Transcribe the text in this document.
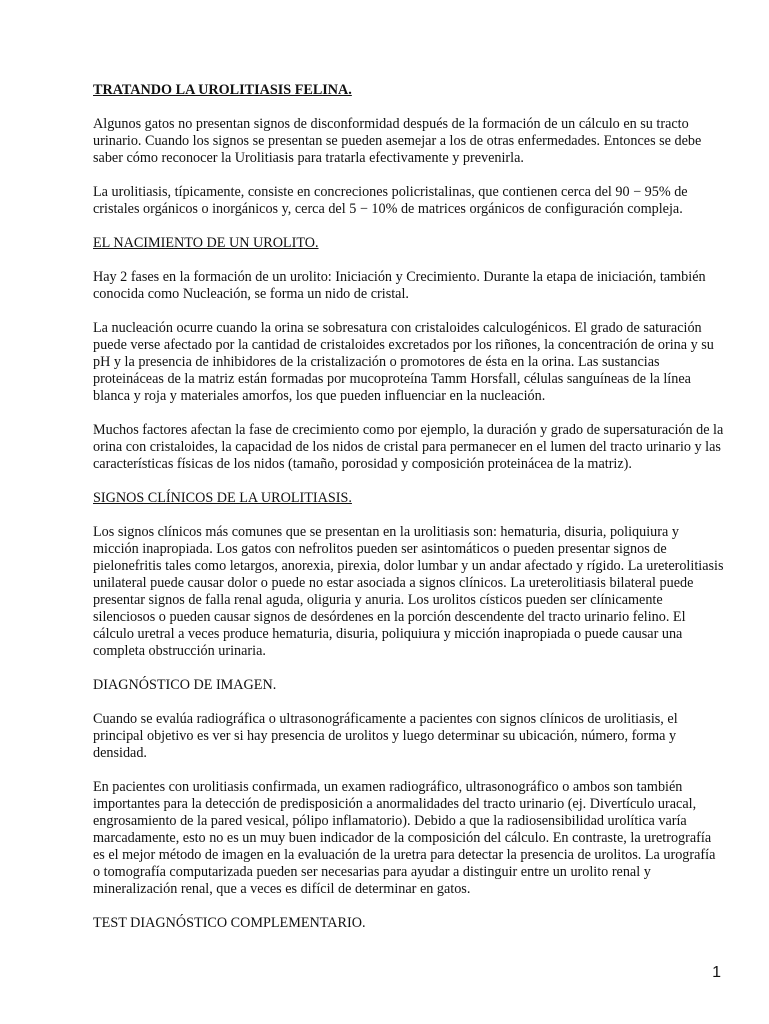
TRATANDO LA UROLITIASIS FELINA.

Algunos gatos no presentan signos de disconformidad después de la formación de un cálculo en su tracto urinario. Cuando los signos se presentan se pueden asemejar a los de otras enfermedades. Entonces se debe saber cómo reconocer la Urolitiasis para tratarla efectivamente y prevenirla.

La urolitiasis, típicamente, consiste en concreciones policristalinas, que contienen cerca del 90 − 95% de cristales orgánicos o inorgánicos y, cerca del 5 − 10% de matrices orgánicos de configuración compleja.

EL NACIMIENTO DE UN UROLITO.

Hay 2 fases en la formación de un urolito: Iniciación y Crecimiento. Durante la etapa de iniciación, también conocida como Nucleación, se forma un nido de cristal.

La nucleación ocurre cuando la orina se sobresatura con cristaloides calculogénicos. El grado de saturación puede verse afectado por la cantidad de cristaloides excretados por los riñones, la concentración de orina y su pH y la presencia de inhibidores de la cristalización o promotores de ésta en la orina. Las sustancias proteináceas de la matriz están formadas por mucoproteína Tamm Horsfall, células sanguíneas de la línea blanca y roja y materiales amorfos, los que pueden influenciar en la nucleación.

Muchos factores afectan la fase de crecimiento como por ejemplo, la duración y grado de supersaturación de la orina con cristaloides, la capacidad de los nidos de cristal para permanecer en el lumen del tracto urinario y las características físicas de los nidos (tamaño, porosidad y composición proteinácea de la matriz).

SIGNOS CLÍNICOS DE LA UROLITIASIS.

Los signos clínicos más comunes que se presentan en la urolitiasis son: hematuria, disuria, poliquiura y micción inapropiada. Los gatos con nefrolitos pueden ser asintomáticos o pueden presentar signos de pielonefritis tales como letargos, anorexia, pirexia, dolor lumbar y un andar afectado y rígido. La ureterolitiasis unilateral puede causar dolor o puede no estar asociada a signos clínicos. La ureterolitiasis bilateral puede presentar signos de falla renal aguda, oliguria y anuria. Los urolitos císticos pueden ser clínicamente silenciosos o pueden causar signos de desórdenes en la porción descendente del tracto urinario felino. El cálculo uretral a veces produce hematuria, disuria, poliquiura y micción inapropiada o puede causar una completa obstrucción urinaria.

DIAGNÓSTICO DE IMAGEN.

Cuando se evalúa radiográfica o ultrasonográficamente a pacientes con signos clínicos de urolitiasis, el principal objetivo es ver si hay presencia de urolitos y luego determinar su ubicación, número, forma y densidad.

En pacientes con urolitiasis confirmada, un examen radiográfico, ultrasonográfico o ambos son también importantes para la detección de predisposición a anormalidades del tracto urinario (ej. Divertículo uracal, engrosamiento de la pared vesical, pólipo inflamatorio). Debido a que la radiosensibilidad urolítica varía marcadamente, esto no es un muy buen indicador de la composición del cálculo. En contraste, la uretrografía es el mejor método de imagen en la evaluación de la uretra para detectar la presencia de urolitos. La urografía o tomografía computarizada pueden ser necesarias para ayudar a distinguir entre un urolito renal y mineralización renal, que a veces es difícil de determinar en gatos.

TEST DIAGNÓSTICO COMPLEMENTARIO.
1
